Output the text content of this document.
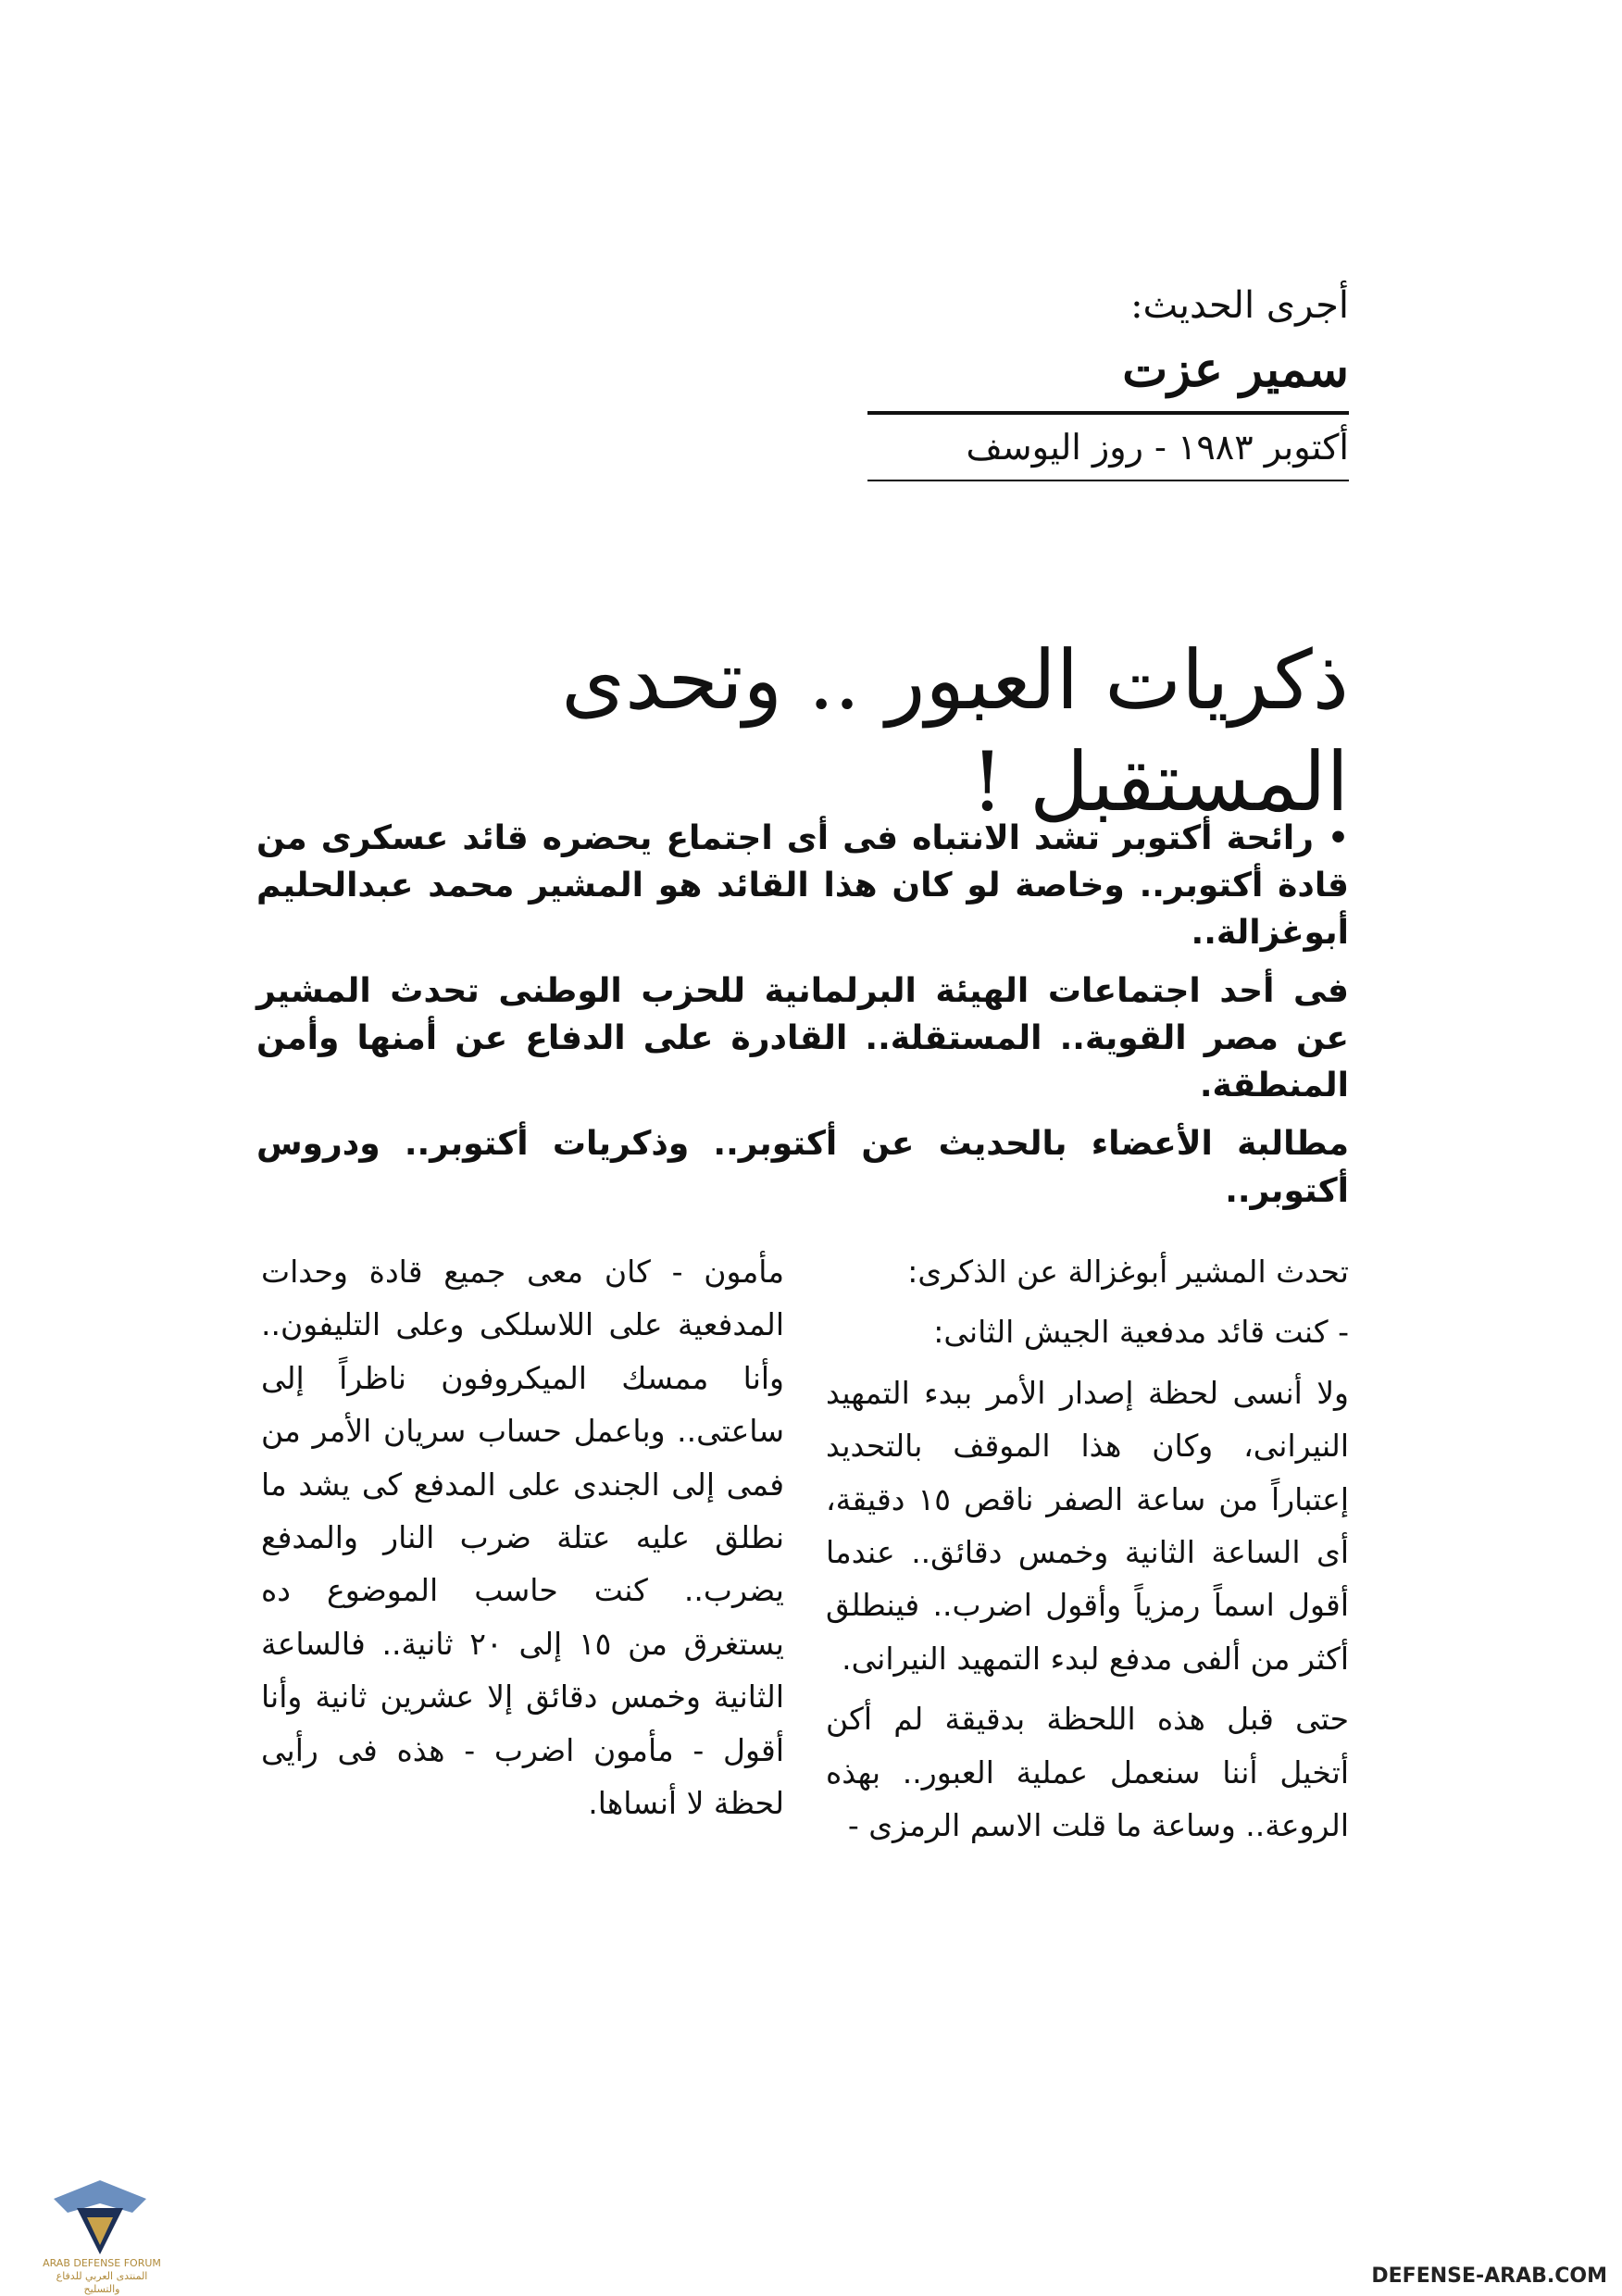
أجرى الحديث:
سمير عزت
أكتوبر ١٩٨٣ - روز اليوسف
ذكريات العبور .. وتحدى المستقبل !

• رائحة أكتوبر تشد الانتباه فى أى اجتماع يحضره قائد عسكرى من قادة أكتوبر.. وخاصة لو كان هذا القائد هو المشير محمد عبدالحليم أبوغزالة..

فى أحد اجتماعات الهيئة البرلمانية للحزب الوطنى تحدث المشير عن مصر القوية.. المستقلة.. القادرة على الدفاع عن أمنها وأمن المنطقة.

مطالبة الأعضاء بالحديث عن أكتوبر.. وذكريات أكتوبر.. ودروس أكتوبر..

تحدث المشير أبوغزالة عن الذكرى:

- كنت قائد مدفعية الجيش الثانى:

ولا أنسى لحظة إصدار الأمر ببدء التمهيد النيرانى، وكان هذا الموقف بالتحديد إعتباراً من ساعة الصفر ناقص ١٥ دقيقة، أى الساعة الثانية وخمس دقائق.. عندما أقول اسماً رمزياً وأقول اضرب.. فينطلق أكثر من ألفى مدفع لبدء التمهيد النيرانى.

حتى قبل هذه اللحظة بدقيقة لم أكن أتخيل أننا سنعمل عملية العبور.. بهذه الروعة.. وساعة ما قلت الاسم الرمزى -

مأمون - كان معى جميع قادة وحدات المدفعية على اللاسلكى وعلى التليفون.. وأنا ممسك الميكروفون ناظراً إلى ساعتى.. وباعمل حساب سريان الأمر من فمى إلى الجندى على المدفع كى يشد ما نطلق عليه عتلة ضرب النار والمدفع يضرب.. كنت حاسب الموضوع ده يستغرق من ١٥ إلى ٢٠ ثانية.. فالساعة الثانية وخمس دقائق إلا عشرين ثانية وأنا أقول - مأمون اضرب - هذه فى رأيى لحظة لا أنساها.

ARAB DEFENSE FORUM
المنتدى العربي للدفاع والتسليح
DEFENSE-ARAB.COM
